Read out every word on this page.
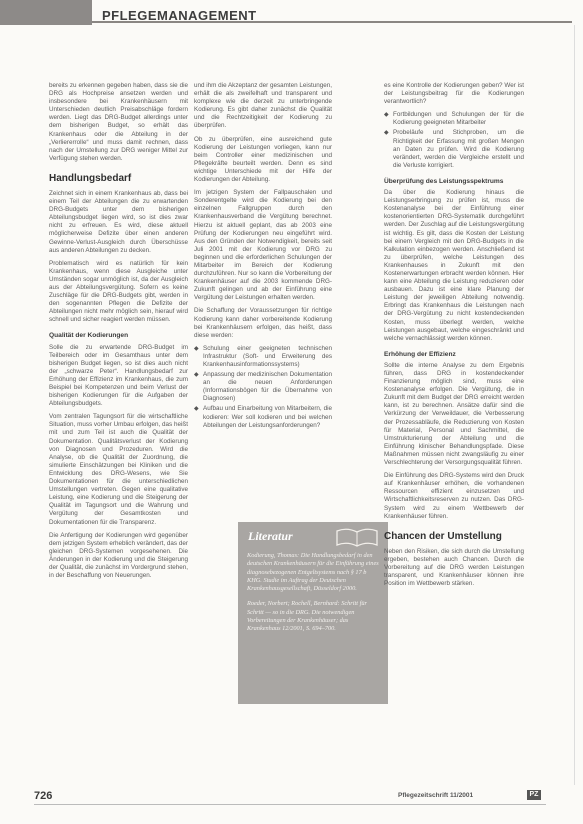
PFLEGEMANAGEMENT

bereits zu erkennen gegeben haben, dass sie die DRG als Hochpreise ansetzen werden und insbesondere bei Krankenhäusern mit Unterschieden deutlich Preisabschläge fordern werden. Liegt das DRG-Budget allerdings unter dem bisherigen Budget, so erhält das Krankenhaus oder die Abteilung in der „Verliererrolle“ und muss damit rechnen, dass nach der Umstellung zur DRG weniger Mittel zur Verfügung stehen werden.

Handlungsbedarf

Zeichnet sich in einem Krankenhaus ab, dass bei einem Teil der Abteilungen die zu erwartenden DRG-Budgets unter dem bisherigen Abteilungsbudget liegen wird, so ist dies zwar nicht zu erfreuen. Es wird, diese aktuell möglicherweise Defizite über einen anderen Gewinne-Verlust-Ausgleich durch Überschüsse aus anderen Abteilungen zu decken.

Problematisch wird es natürlich für kein Krankenhaus, wenn diese Ausgleiche unter Umständen sogar unmöglich ist, da der Ausgleich aus der Abteilungsvergütung. Sofern es keine Zuschläge für die DRG-Budgets gibt, werden in den sogenannten Pflegen die Defizite der Abteilungen nicht mehr möglich sein, hierauf wird schnell und sicher reagiert werden müssen.

Qualität der Kodierungen

Solle die zu erwartende DRG-Budget im Teilbereich oder im Gesamthaus unter dem bisherigen Budget liegen, so ist dies auch nicht der „schwarze Peter“. Handlungsbedarf zur Erhöhung der Effizienz im Krankenhaus, die zum Beispiel bei Kompetenzen und beim Verlust der bisherigen Kodierungen für die Aufgaben der Abteilungsbudgets.

Vom zentralen Tagungsort für die wirtschaftliche Situation, muss vorher Umbau erfolgen, das heißt mit und zum Teil ist auch die Qualität der Dokumentation. Qualitätsverlust der Kodierung von Diagnosen und Prozeduren. Wird die Analyse, ob die Qualität der Zuordnung, die simulierte Einschätzungen bei Kliniken und die Entwicklung des DRG-Wesens, wie Sie Dokumentationen für die unterschiedlichen Umstellungen vertreten. Gegen eine qualitative Leistung, eine Kodierung und die Steigerung der Qualität im Tagungsort und die Wahrung und Vergütung der Gesamtkosten und Dokumentationen für die Transparenz.

Die Anfertigung der Kodierungen wird gegenüber dem jetzigen System erheblich verändert, das der gleichen DRG-Systemen vorgesehenen. Die Änderungen in der Kodierung und die Steigerung der Qualität, die zunächst im Vordergrund stehen, in der Beschaffung von Neuerungen.

und ihm die Akzeptanz der gesamten Leistungen, erhält die als zweifelhaft und transparent und komplexe wie die derzeit zu unterbringende Kodierung. Es gibt daher zunächst die Qualität und die Rechtzeitigkeit der Kodierung zu überprüfen.

Ob zu überprüfen, eine ausreichend gute Kodierung der Leistungen vorliegen, kann nur beim Controller einer medizinischen und Pflegekräfte beurteilt werden. Denn es sind wichtige Unterschiede mit der Hilfe der Kodierungen der Abteilung.

Im jetzigen System der Fallpauschalen und Sonderentgelte wird die Kodierung bei den einzelnen Fallgruppen durch den Krankenhausverband die Vergütung berechnet. Hierzu ist aktuell geplant, das ab 2003 eine Prüfung der Kodierungen neu eingeführt wird. Aus den Gründen der Notwendigkeit, bereits seit Juli 2001 mit der Kodierung vor DRG zu beginnen und die erforderlichen Schulungen der Mitarbeiter im Bereich der Kodierung durchzuführen. Nur so kann die Vorbereitung der Krankenhäuser auf die 2003 kommende DRG-Zukunft gelingen und ab der Einführung eine Vergütung der Leistungen erhalten werden.

Die Schaffung der Voraussetzungen für richtige Kodierung kann daher vorbereitende Kodierung bei Krankenhäusern erfolgen, das heißt, dass diese werden:

◆ Schulung einer geeigneten technischen Infrastruktur (Soft- und Erweiterung des Krankenhausinformationssystems)
◆ Anpassung der medizinischen Dokumentation an die neuen Anforderungen (Informationsbögen für die Übernahme von Diagnosen)
◆ Aufbau und Einarbeitung von Mitarbeitern, die kodieren: Wer soll kodieren und bei welchen Abteilungen der Leistungsanforderungen?
Literatur

Kodierung, Thomas: Die Handlungsbedarf in den deutschen Krankenhäusern für die Einführung eines diagnosebezogenen Entgeltsystems nach § 17 b KHG. Studie im Auftrag der Deutschen Krankenhausgesellschaft, Düsseldorf 2000.

Roeder, Norbert; Rochell, Bernhard: Schritt für Schritt — so in die DRG. Die notwendigen Vorbereitungen der Krankenhäuser; das Krankenhaus 12/2001, S. 694–700.

es eine Kontrolle der Kodierungen geben? Wer ist der Leistungsbeitrag für die Kodierungen verantwortlich?

◆ Fortbildungen und Schulungen der für die Kodierung geeigneten Mitarbeiter
◆ Probeläufe und Stichproben, um die Richtigkeit der Erfassung mit großen Mengen an Daten zu prüfen. Wird die Kodierung verändert, werden die Vergleiche erstellt und die Verluste korrigiert.
Überprüfung des Leistungsspektrums

Da über die Kodierung hinaus die Leistungserbringung zu prüfen ist, muss die Kostenanalyse bei der Einführung einer kostenorientierten DRG-Systematik durchgeführt werden. Der Zuschlag auf die Leistungsvergütung ist wichtig. Es gilt, dass die Kosten der Leistung bei einem Vergleich mit den DRG-Budgets in die Kalkulation einbezogen werden. Anschließend ist zu überprüfen, welche Leistungen des Krankenhauses in Zukunft mit den Kostenerwartungen erbracht werden können. Hier kann eine Abteilung die Leistung reduzieren oder ausbauen. Dazu ist eine klare Planung der Leistung der jeweiligen Abteilung notwendig. Erbringt das Krankenhaus die Leistungen nach der DRG-Vergütung zu nicht kostendeckenden Kosten, muss überlegt werden, welche Leistungen ausgebaut, welche eingeschränkt und welche vernachlässigt werden können.

Erhöhung der Effizienz

Sollte die interne Analyse zu dem Ergebnis führen, dass DRG in kostendeckender Finanzierung möglich sind, muss eine Kostenanalyse erfolgen. Die Vergütung, die in Zukunft mit dem Budget der DRG erreicht werden kann, ist zu berechnen. Ansätze dafür sind die Verkürzung der Verweildauer, die Verbesserung der Prozessabläufe, die Reduzierung von Kosten für Material, Personal und Sachmittel, die Umstrukturierung der Abteilung und die Einführung klinischer Behandlungspfade. Diese Maßnahmen müssen nicht zwangsläufig zu einer Verschlechterung der Versorgungsqualität führen.

Die Einführung des DRG-Systems wird den Druck auf Krankenhäuser erhöhen, die vorhandenen Ressourcen effizient einzusetzen und Wirtschaftlichkeitsreserven zu nutzen. Das DRG-System wird zu einem Wettbewerb der Krankenhäuser führen.

Chancen der Umstellung

Neben den Risiken, die sich durch die Umstellung ergeben, bestehen auch Chancen. Durch die Vorbereitung auf die DRG werden Leistungen transparent, und Krankenhäuser können ihre Position im Wettbewerb stärken.

726	Pflegezeitschrift 11/2001	PZ
